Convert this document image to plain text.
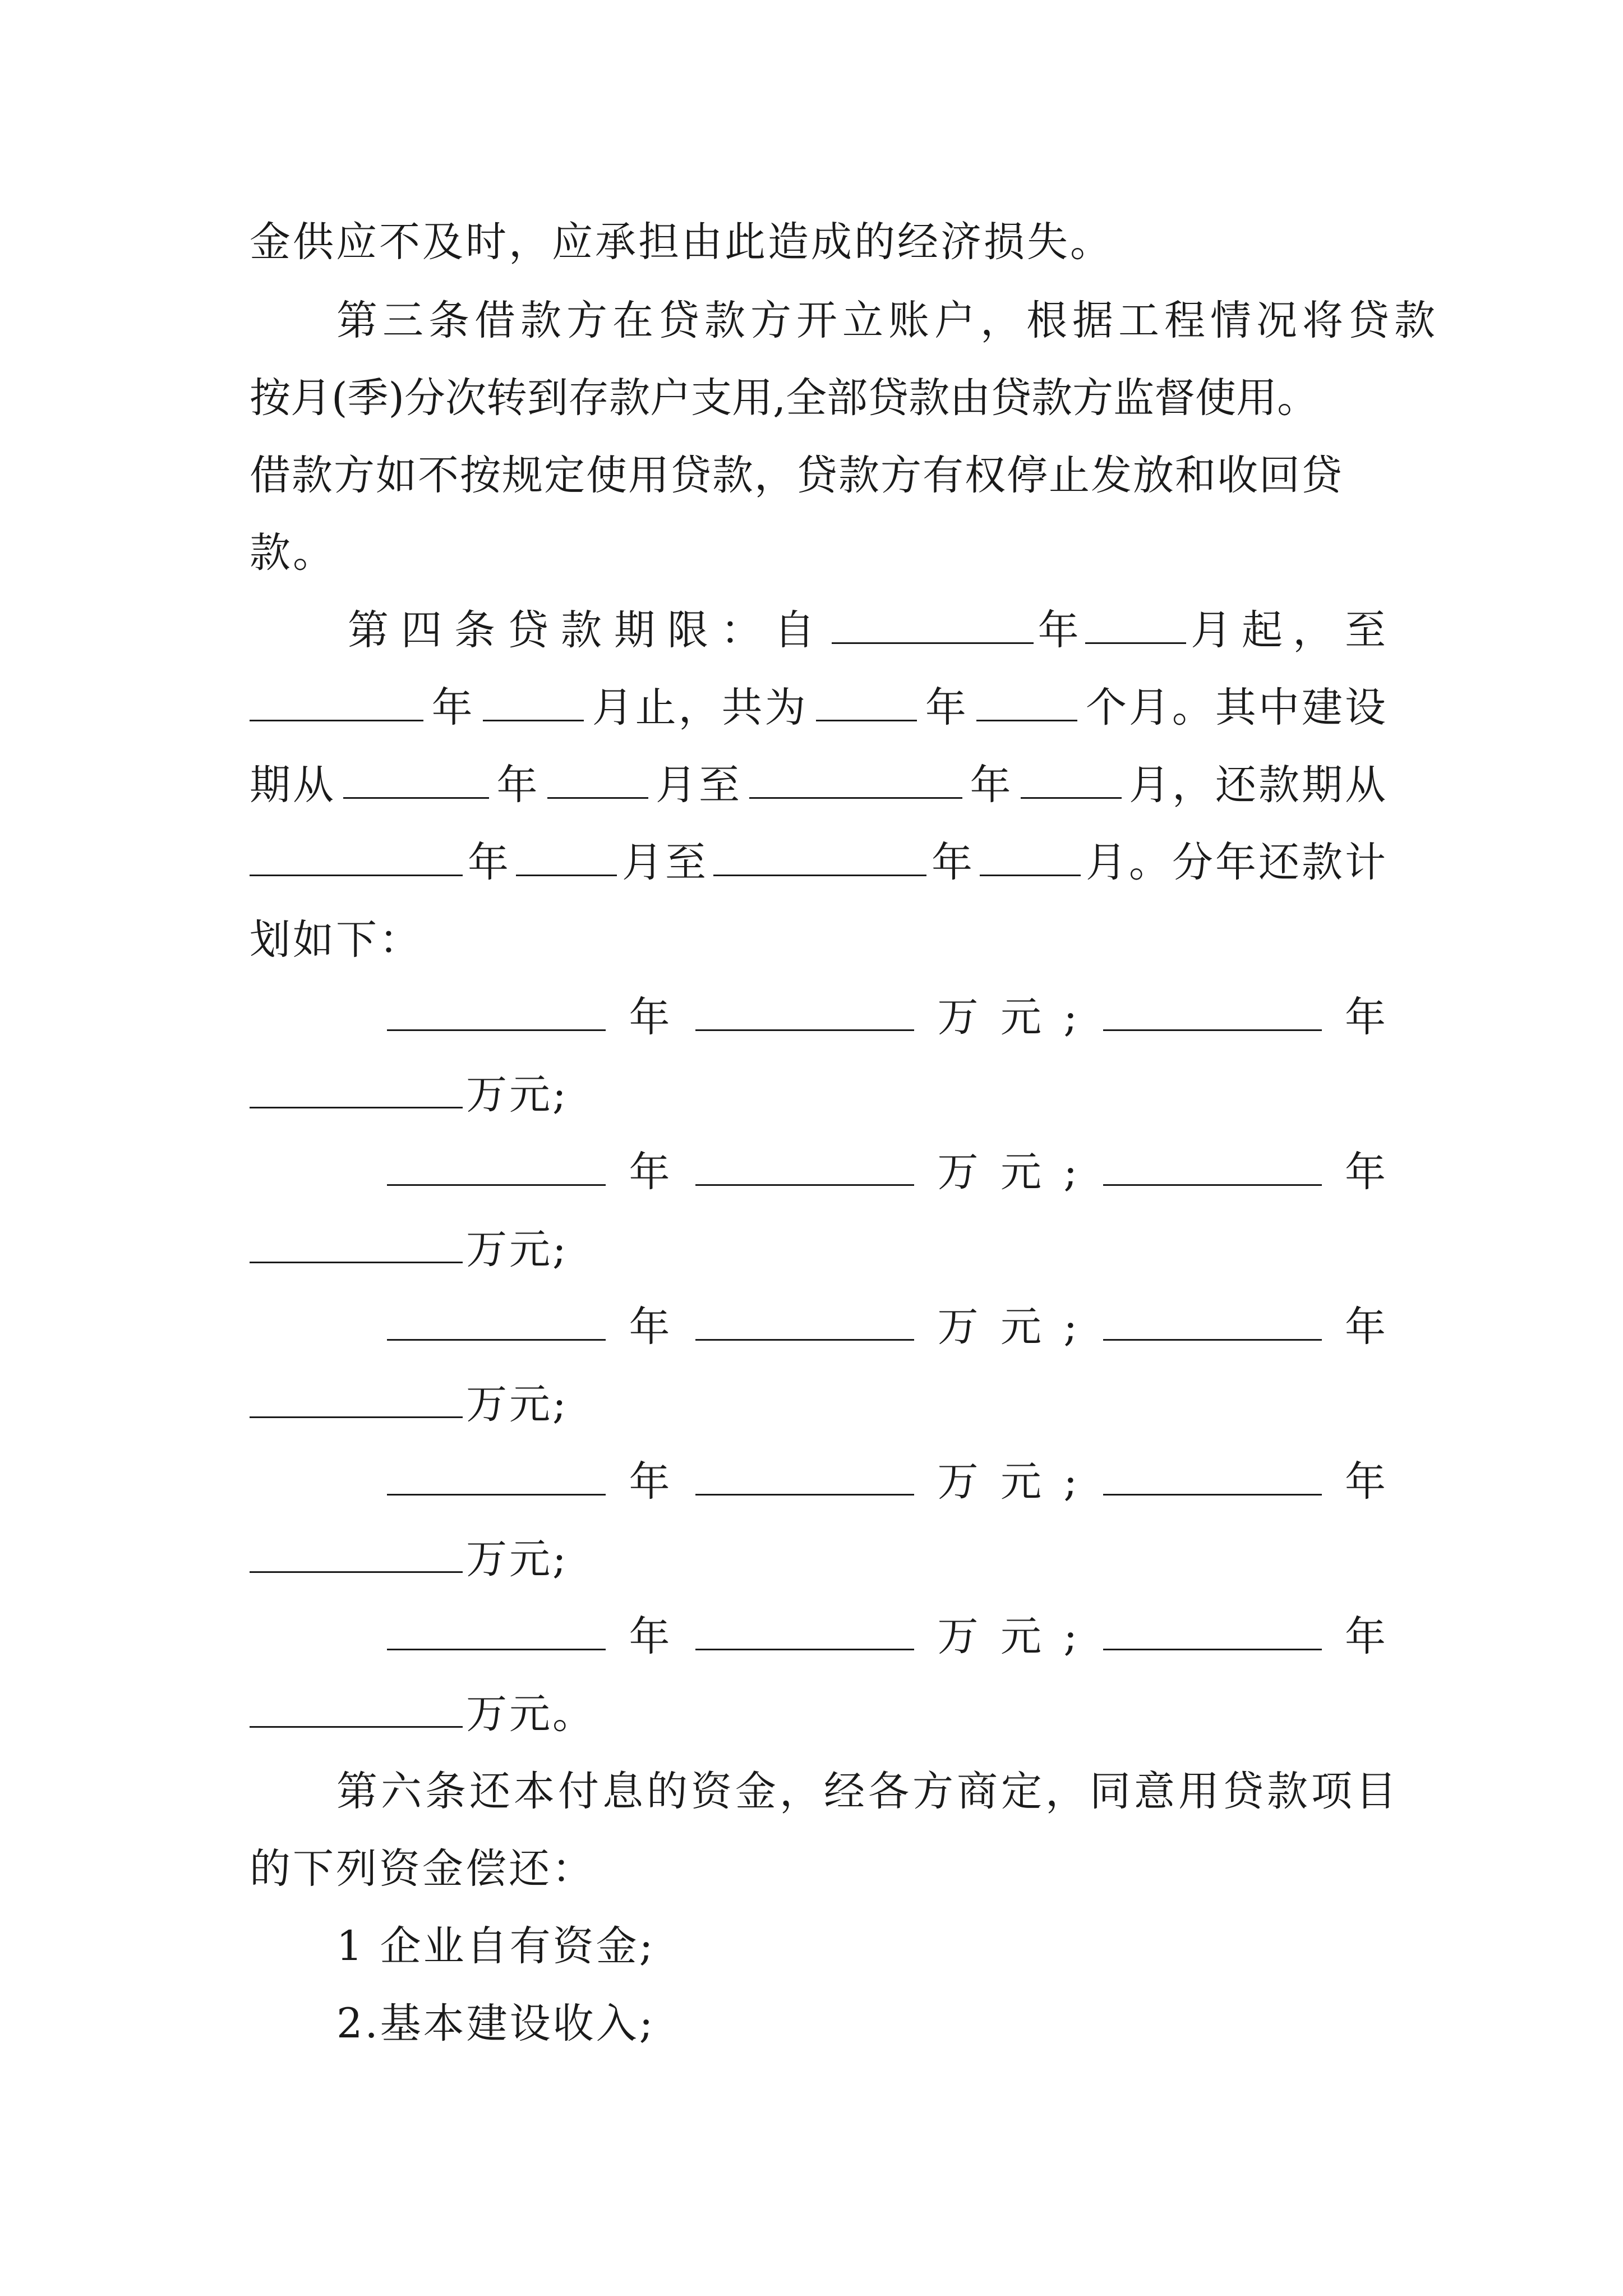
金供应不及时，应承担由此造成的经济损失。
第三条借款方在贷款方开立账户，根据工程情况将贷款
按月(季)分次转到存款户支用,全部贷款由贷款方监督使用。
借款方如不按规定使用贷款，贷款方有权停止发放和收回贷
款。
第四条贷款期限：自	年	月起， 至
年	月止，共为	年	个月。其中建设
期从	年	月至	年	月，还款期从
年	月至	年	月。分年还款计
划如下：
年	万 元 ;	年
万元;
年	万 元 ;	年
万元;
年	万 元 ;	年
万元;
年	万 元 ;	年
万元;
年	万 元 ;	年
万元。
第六条还本付息的资金，经各方商定，同意用贷款项目
的下列资金偿还：
1 企业自有资金;
2.基本建设收入;
